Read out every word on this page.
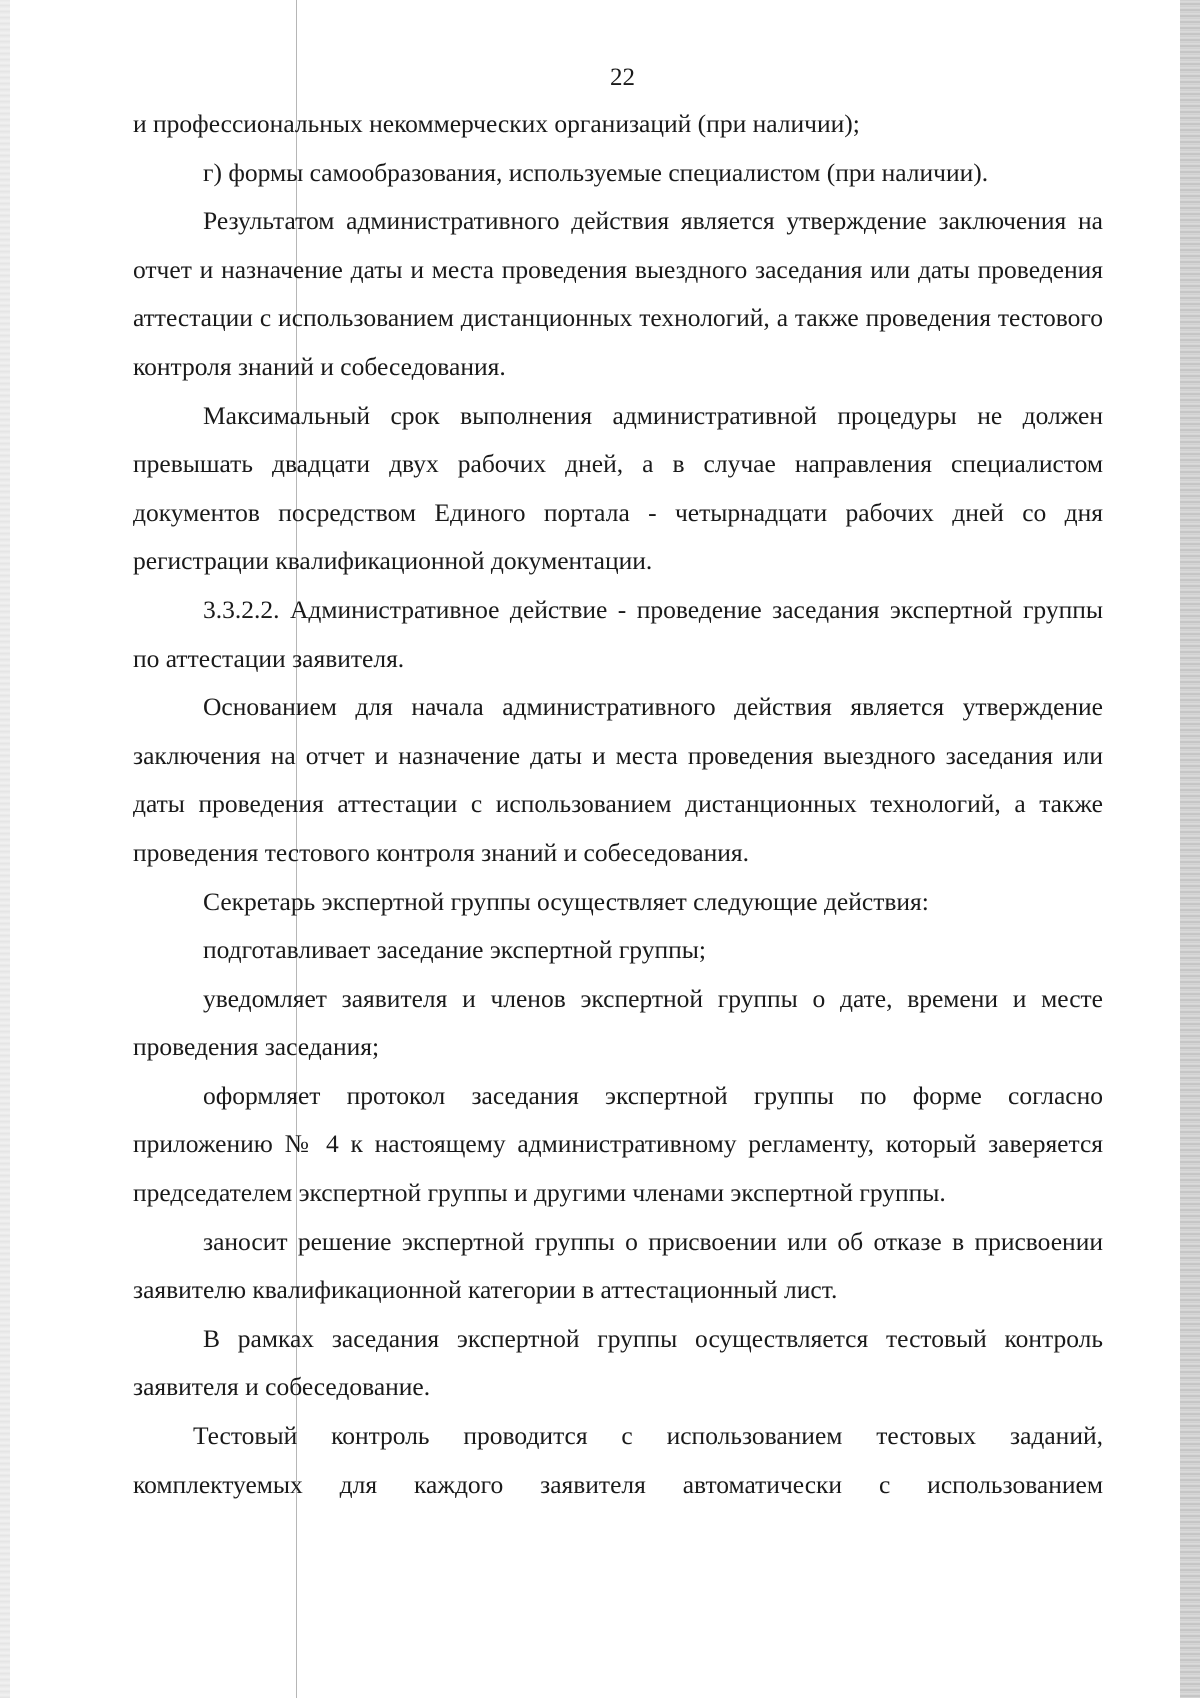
22

и профессиональных некоммерческих организаций (при наличии);

г) формы самообразования, используемые специалистом (при наличии).

Результатом административного действия является утверждение заключения на отчет и назначение даты и места проведения выездного заседания или даты проведения аттестации с использованием дистанционных технологий, а также проведения тестового контроля знаний и собеседования.

Максимальный срок выполнения административной процедуры не должен превышать двадцати двух рабочих дней, а в случае направления специалистом документов посредством Единого портала - четырнадцати рабочих дней со дня регистрации квалификационной документации.

3.3.2.2. Административное действие - проведение заседания экспертной группы по аттестации заявителя.

Основанием для начала административного действия является утверждение заключения на отчет и назначение даты и места проведения выездного заседания или даты проведения аттестации с использованием дистанционных технологий, а также проведения тестового контроля знаний и собеседования.

Секретарь экспертной группы осуществляет следующие действия:

подготавливает заседание экспертной группы;

уведомляет заявителя и членов экспертной группы о дате, времени и месте проведения заседания;

оформляет протокол заседания экспертной группы по форме согласно приложению № 4 к настоящему административному регламенту, который заверяется председателем экспертной группы и другими членами экспертной группы.

заносит решение экспертной группы о присвоении или об отказе в присвоении заявителю квалификационной категории в аттестационный лист.

В рамках заседания экспертной группы осуществляется тестовый контроль заявителя и собеседование.

Тестовый контроль проводится с использованием тестовых заданий, комплектуемых для каждого заявителя автоматически с использованием
